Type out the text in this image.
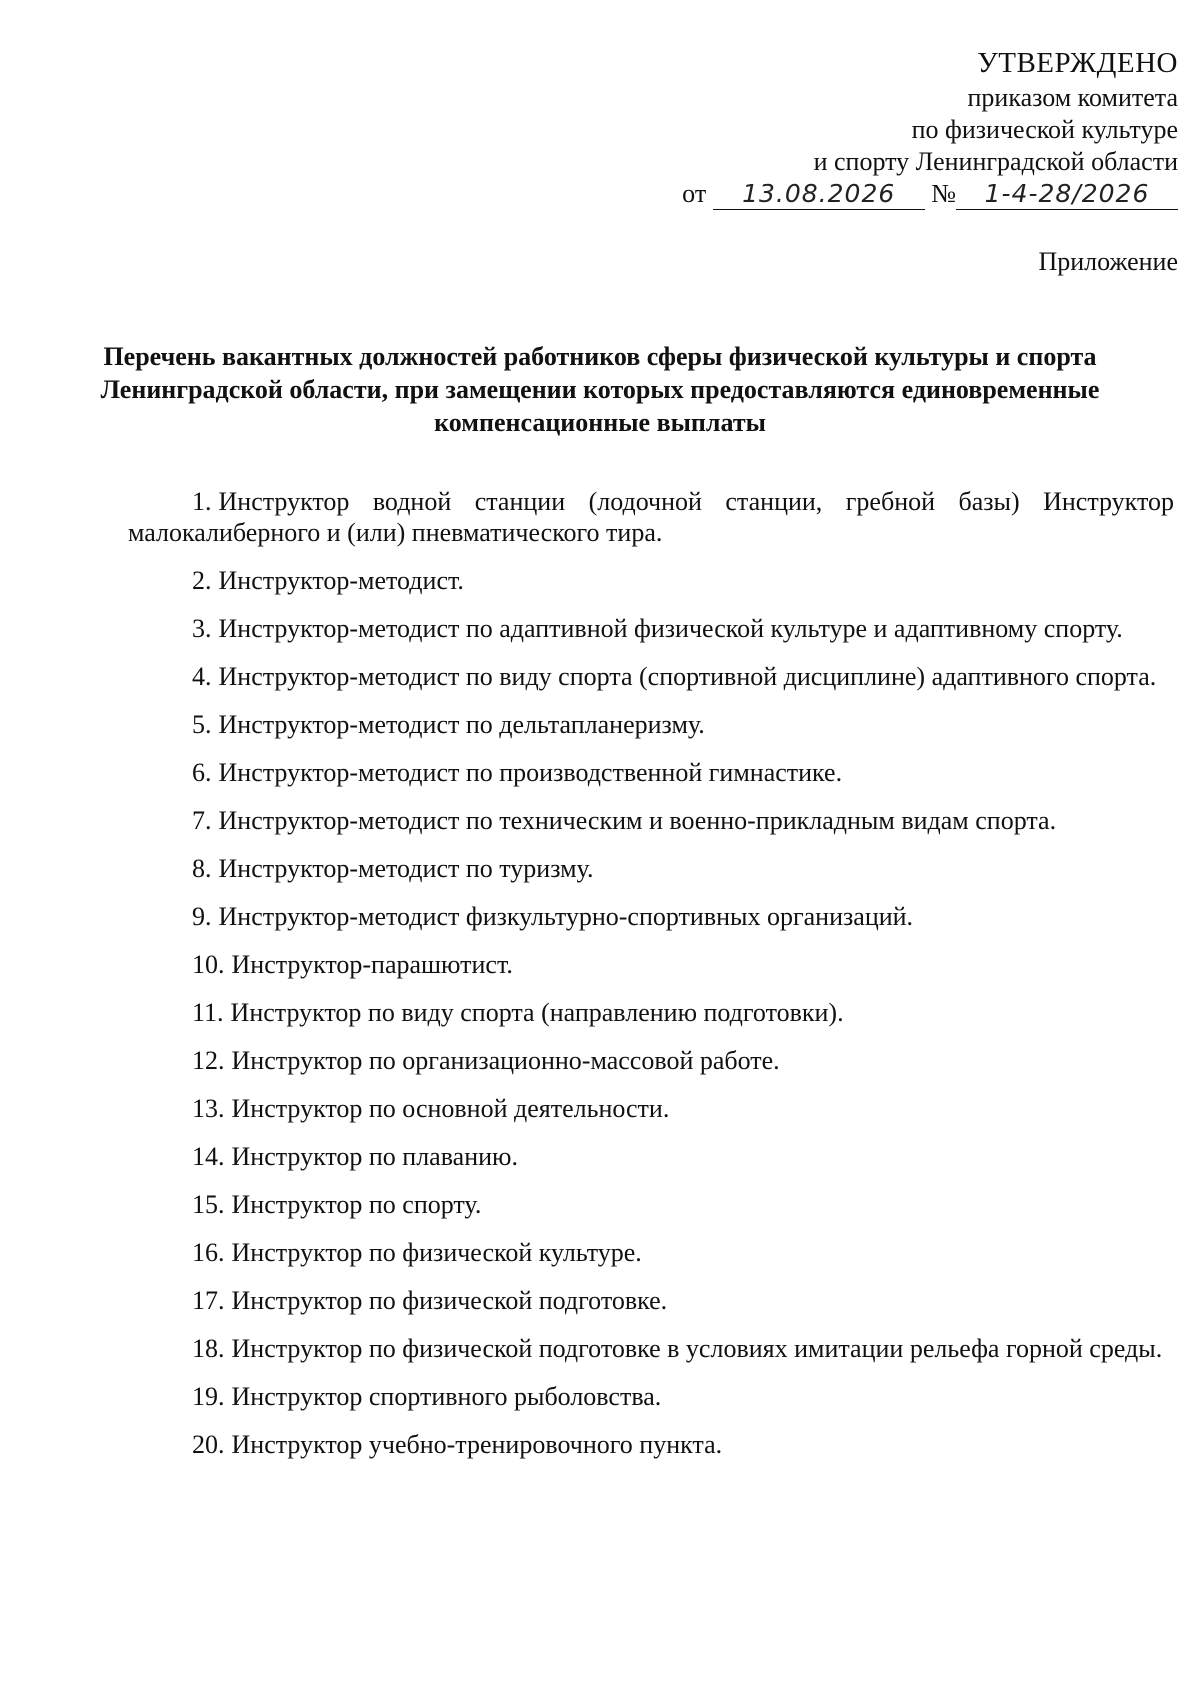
УТВЕРЖДЕНО
приказом комитета
по физической культуре
и спорту Ленинградской области
от 13.08.2026 № 1-4-28/2026
Приложение
Перечень вакантных должностей работников сферы физической культуры и спорта Ленинградской области, при замещении которых предоставляются единовременные компенсационные выплаты
1. Инструктор водной станции (лодочной станции, гребной базы) Инструктор малокалиберного и (или) пневматического тира.
2. Инструктор-методист.
3. Инструктор-методист по адаптивной физической культуре и адаптивному спорту.
4. Инструктор-методист по виду спорта (спортивной дисциплине) адаптивного спорта.
5. Инструктор-методист по дельтапланеризму.
6. Инструктор-методист по производственной гимнастике.
7. Инструктор-методист по техническим и военно-прикладным видам спорта.
8. Инструктор-методист по туризму.
9. Инструктор-методист физкультурно-спортивных организаций.
10. Инструктор-парашютист.
11. Инструктор по виду спорта (направлению подготовки).
12. Инструктор по организационно-массовой работе.
13. Инструктор по основной деятельности.
14. Инструктор по плаванию.
15. Инструктор по спорту.
16. Инструктор по физической культуре.
17. Инструктор по физической подготовке.
18. Инструктор по физической подготовке в условиях имитации рельефа горной среды.
19. Инструктор спортивного рыболовства.
20. Инструктор учебно-тренировочного пункта.
